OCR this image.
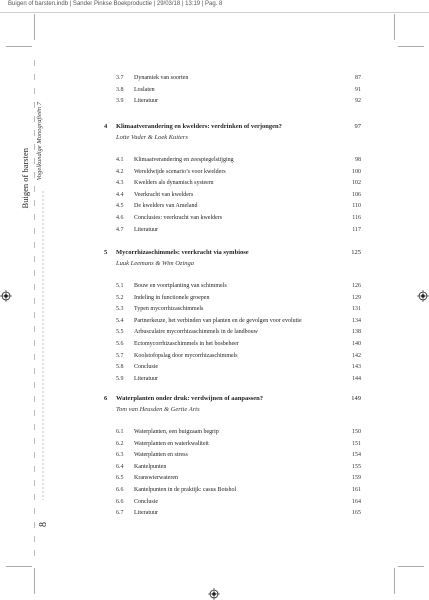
Buigen of barsten.indb | Sander Pinkse Boekproductie | 29/03/18 | 13:19 | Pag. 8
Buigen of barsten Vogelkundige Monografieën 7
8
3.7 Dynamiek van soorten	87
3.8 Loslaten	91
3.9 Literatuur	92
4 Klimaatverandering en kwelders: verdrinken of verjongen?	97
Lotte Vader & Loek Kuiters
4.1 Klimaatverandering en zeespiegelstijging	98
4.2 Wereldwijde scenario’s voor kwelders	100
4.3 Kwelders als dynamisch systeem	102
4.4 Veerkracht van kwelders	106
4.5 De kwelders van Ameland	110
4.6 Conclusies: veerkracht van kwelders	116
4.7 Literatuur	117
5 Mycorrhizaschimmels: veerkracht via symbiose	125
Luuk Leemans & Wim Ozinga
5.1 Bouw en voortplanting van schimmels	126
5.2 Indeling in functionele groepen	129
5.3 Typen mycorrhizaschimmels	131
5.4 Partnerkeuze, het verbinden van planten en de gevolgen voor evolutie	134
5.5 Arbusculaire mycorrhizaschimmels in de landbouw	138
5.6 Ectomycorrhizaschimmels in het bosbeheer	140
5.7 Koolstofopslag door mycorrhizaschimmels	142
5.8 Conclusie	143
5.9 Literatuur	144
6 Waterplanten onder druk: verdwijnen of aanpassen?	149
Tom van Heusden & Gertie Arts
6.1 Waterplanten, een buigzaam begrip	150
6.2 Waterplanten en waterkwaliteit	151
6.3 Waterplanten en stress	154
6.4 Kantelpunten	155
6.5 Kranswierwateren	159
6.6 Kantelpunten in de praktijk: casus Botshol	161
6.6 Conclusie	164
6.7 Literatuur	165
